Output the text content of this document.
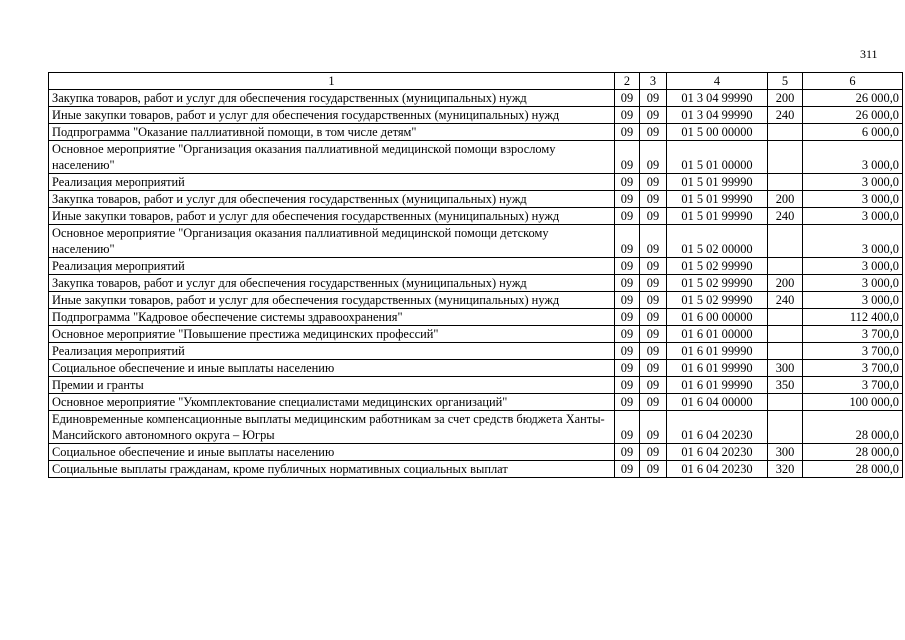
311
1	2	3	4	5	6
Закупка товаров, работ и услуг для обеспечения государственных (муниципальных) нужд	09	09	01 3 04 99990	200	26 000,0
Иные закупки товаров, работ и услуг для обеспечения государственных (муниципальных) нужд	09	09	01 3 04 99990	240	26 000,0
Подпрограмма "Оказание паллиативной помощи, в том числе детям"	09	09	01 5 00 00000		6 000,0
Основное мероприятие "Организация оказания паллиативной медицинской помощи взрослому населению"	09	09	01 5 01 00000		3 000,0
Реализация мероприятий	09	09	01 5 01 99990		3 000,0
Закупка товаров, работ и услуг для обеспечения государственных (муниципальных) нужд	09	09	01 5 01 99990	200	3 000,0
Иные закупки товаров, работ и услуг для обеспечения государственных (муниципальных) нужд	09	09	01 5 01 99990	240	3 000,0
Основное мероприятие "Организация оказания паллиативной медицинской помощи детскому населению"	09	09	01 5 02 00000		3 000,0
Реализация мероприятий	09	09	01 5 02 99990		3 000,0
Закупка товаров, работ и услуг для обеспечения государственных (муниципальных) нужд	09	09	01 5 02 99990	200	3 000,0
Иные закупки товаров, работ и услуг для обеспечения государственных (муниципальных) нужд	09	09	01 5 02 99990	240	3 000,0
Подпрограмма "Кадровое обеспечение системы здравоохранения"	09	09	01 6 00 00000		112 400,0
Основное мероприятие "Повышение престижа медицинских профессий"	09	09	01 6 01 00000		3 700,0
Реализация мероприятий	09	09	01 6 01 99990		3 700,0
Социальное обеспечение и иные выплаты населению	09	09	01 6 01 99990	300	3 700,0
Премии и гранты	09	09	01 6 01 99990	350	3 700,0
Основное мероприятие "Укомплектование специалистами медицинских организаций"	09	09	01 6 04 00000		100 000,0
Единовременные компенсационные выплаты медицинским работникам за счет средств бюджета Ханты-Мансийского автономного округа – Югры	09	09	01 6 04 20230		28 000,0
Социальное обеспечение и иные выплаты населению	09	09	01 6 04 20230	300	28 000,0
Социальные выплаты гражданам, кроме публичных нормативных социальных выплат	09	09	01 6 04 20230	320	28 000,0
